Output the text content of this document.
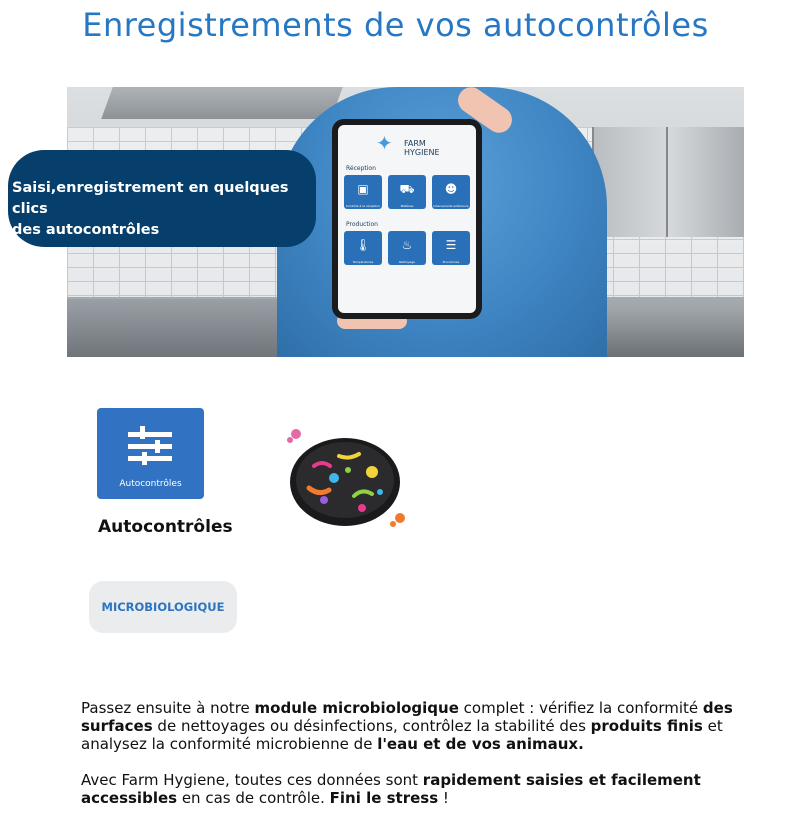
Enregistrements de vos autocontrôles
✦ FARM
HYGIENE
Réception
▣
Contrôle à la réception
⛟
Matières
☻
Intervenants extérieurs
Production
🌡
Températures
♨
Nettoyage
☰
Procédures
Saisi,enregistrement en quelques clics
des autocontrôles
Autocontrôles
Autocontrôles
MICROBIOLOGIQUE

Passez ensuite à notre module microbiologique complet : vérifiez la conformité des surfaces de nettoyages ou désinfections, contrôlez la stabilité des produits finis et analysez la conformité microbienne de l'eau et de vos animaux.

Avec Farm Hygiene, toutes ces données sont rapidement saisies et facilement accessibles en cas de contrôle. Fini le stress !
